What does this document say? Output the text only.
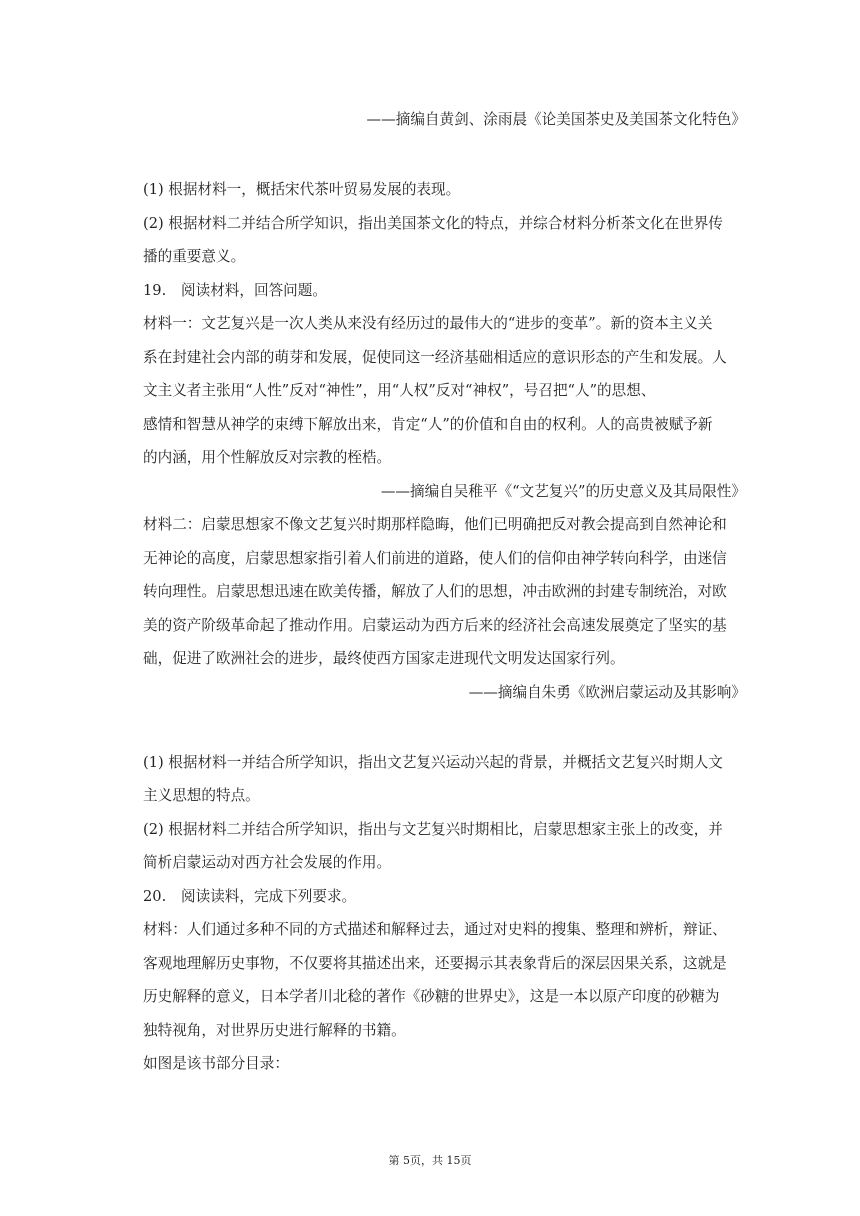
——摘编自黄剑、涂雨晨《论美国茶史及美国茶文化特色》
(1) 根据材料一，概括宋代茶叶贸易发展的表现。
(2) 根据材料二并结合所学知识，指出美国茶文化的特点，并综合材料分析茶文化在世界传
播的重要意义。
19. 阅读材料，回答问题。
材料一：文艺复兴是一次人类从来没有经历过的最伟大的“进步的变革”。新的资本主义关
系在封建社会内部的萌芽和发展，促使同这一经济基础相适应的意识形态的产生和发展。人
文主义者主张用“人性”反对“神性”，用“人权”反对“神权”，号召把“人”的思想、
感情和智慧从神学的束缚下解放出来，肯定“人”的价值和自由的权利。人的高贵被赋予新
的内涵，用个性解放反对宗教的桎梏。
——摘编自吴稚平《“文艺复兴”的历史意义及其局限性》
材料二：启蒙思想家不像文艺复兴时期那样隐晦，他们已明确把反对教会提高到自然神论和
无神论的高度，启蒙思想家指引着人们前进的道路，使人们的信仰由神学转向科学，由迷信
转向理性。启蒙思想迅速在欧美传播，解放了人们的思想，冲击欧洲的封建专制统治，对欧
美的资产阶级革命起了推动作用。启蒙运动为西方后来的经济社会高速发展奠定了坚实的基
础，促进了欧洲社会的进步，最终使西方国家走进现代文明发达国家行列。
——摘编自朱勇《欧洲启蒙运动及其影响》
(1) 根据材料一并结合所学知识，指出文艺复兴运动兴起的背景，并概括文艺复兴时期人文
主义思想的特点。
(2) 根据材料二并结合所学知识，指出与文艺复兴时期相比，启蒙思想家主张上的改变，并
简析启蒙运动对西方社会发展的作用。
20. 阅读读料，完成下列要求。
材料：人们通过多种不同的方式描述和解释过去，通过对史料的搜集、整理和辨析，辩证、
客观地理解历史事物，不仅要将其描述出来，还要揭示其表象背后的深层因果关系，这就是
历史解释的意义，日本学者川北稔的著作《砂糖的世界史》，这是一本以原产印度的砂糖为
独特视角，对世界历史进行解释的书籍。
如图是该书部分目录：
第 5页，共 15页
